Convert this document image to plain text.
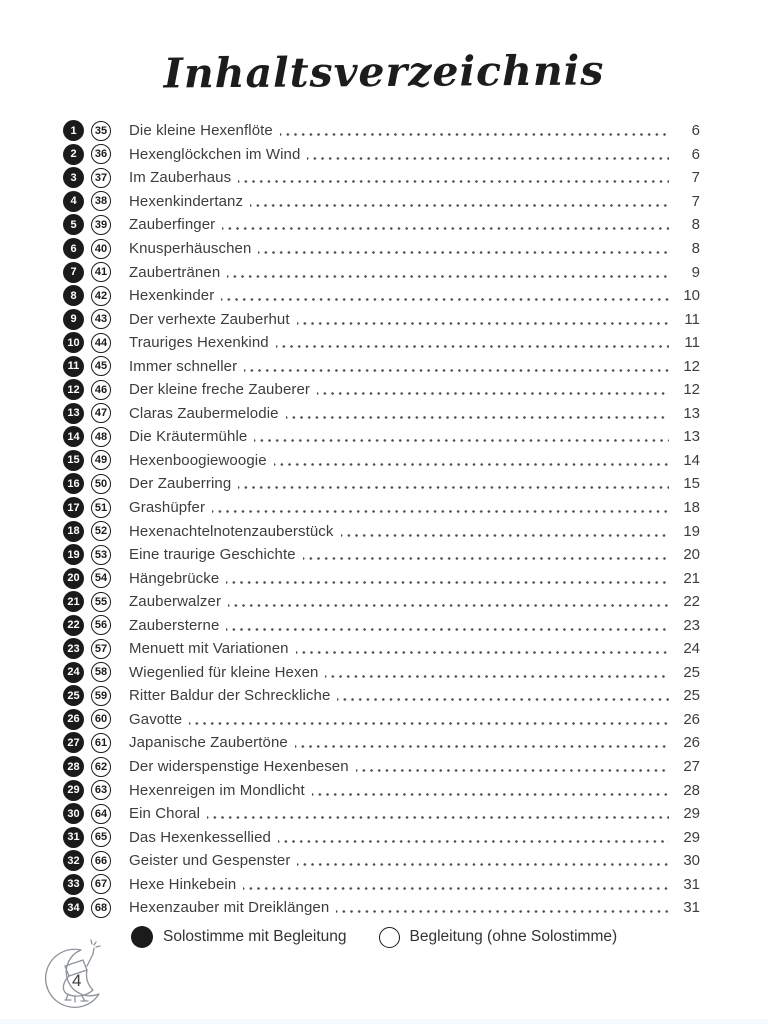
Inhaltsverzeichnis
1	35 Die kleine Hexenflöte	6
2	36 Hexenglöckchen im Wind	6
3	37 Im Zauberhaus	7
4	38 Hexenkindertanz	7
5	39 Zauberfinger	8
6	40 Knusperhäuschen	8
7	41 Zaubertränen	9
8	42 Hexenkinder	10
9	43 Der verhexte Zauberhut	11
10	44 Trauriges Hexenkind	11
11	45 Immer schneller	12
12	46 Der kleine freche Zauberer	12
13	47 Claras Zaubermelodie	13
14	48 Die Kräutermühle	13
15	49 Hexenboogiewoogie	14
16	50 Der Zauberring	15
17	51 Grashüpfer	18
18	52 Hexenachtelnotenzauberstück	19
19	53 Eine traurige Geschichte	20
20	54 Hängebrücke	21
21	55 Zauberwalzer	22
22	56 Zaubersterne	23
23	57 Menuett mit Variationen	24
24	58 Wiegenlied für kleine Hexen	25
25	59 Ritter Baldur der Schreckliche	25
26	60 Gavotte	26
27	61 Japanische Zaubertöne	26
28	62 Der widerspenstige Hexenbesen	27
29	63 Hexenreigen im Mondlicht	28
30	64 Ein Choral	29
31	65 Das Hexenkessellied	29
32	66 Geister und Gespenster	30
33	67 Hexe Hinkebein	31
34	68 Hexenzauber mit Dreiklängen	31
Solostimme mit Begleitung	Begleitung (ohne Solostimme)
4
